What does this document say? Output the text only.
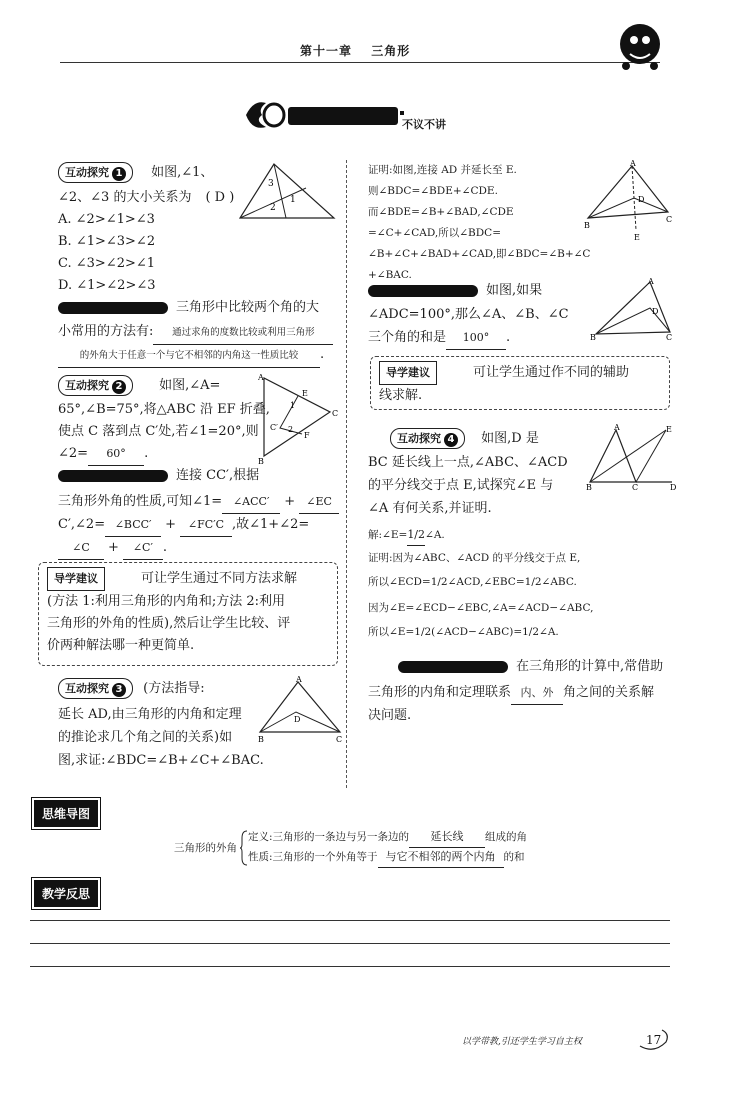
第十一章 三角形
不议不讲
互动探究 1 如图,∠1、
∠2、∠3 的大小关系为 ( D )
A. ∠2>∠1>∠3
B. ∠1>∠3>∠2
C. ∠3>∠2>∠1
D. ∠1>∠2>∠3
3
2
1
三角形中比较两个角的大
小常用的方法有: 通过求角的度数比较或利用三角形
的外角大于任意一个与它不相邻的内角这一性质比较 .
互动探究 2	如图,∠A=
65°,∠B=75°,将△ABC 沿 EF 折叠,
使点 C 落到点 C′处,若∠1=20°,则
∠2= 60° .
A
E
F
C
C′
1
2
B
连接 CC′,根据
三角形外角的性质,可知∠1= ∠ACC′ + ∠EC
C′,∠2= ∠BCC′ + ∠FC′C ,故∠1+∠2=
∠C + ∠C′ .
导学建议	可让学生通过不同方法求解
(方法 1:利用三角形的内角和;方法 2:利用
三角形的外角的性质),然后让学生比较、评
价两种解法哪一种更简单.
互动探究 3 (方法指导:
延长 AD,由三角形的内角和定理
的推论求几个角之间的关系)如
图,求证:∠BDC=∠B+∠C+∠BAC.
A
D
B	C
证明:如图,连接 AD 并延长至 E.
则∠BDC=∠BDE+∠CDE.
而∠BDE=∠B+∠BAD,∠CDE
=∠C+∠CAD,所以∠BDC=
∠B+∠C+∠BAD+∠CAD,即∠BDC=∠B+∠C
+∠BAC.
A
D
E
B
C
如图,如果
∠ADC=100°,那么∠A、∠B、∠C
三个角的和是 100° .
A
D
B	C
导学建议	可让学生通过作不同的辅助
线求解.
互动探究 4 如图,D 是
BC 延长线上一点,∠ABC、∠ACD
的平分线交于点 E,试探究∠E 与
∠A 有何关系,并证明.
A	E
B	C	D
解:∠E=1/2∠A.
证明:因为∠ABC、∠ACD 的平分线交于点 E,
所以∠ECD=1/2∠ACD,∠EBC=1/2∠ABC.
因为∠E=∠ECD−∠EBC,∠A=∠ACD−∠ABC,
所以∠E=1/2(∠ACD−∠ABC)=1/2∠A.
在三角形的计算中,常借助
三角形的内角和定理联系 内、外 角之间的关系解
决问题.
思维导图
三角形的外角
定义:三角形的一条边与另一条边的 延长线 组成的角
性质:三角形的一个外角等于 与它不相邻的两个内角 的和
教学反思
以学带教,引还学生学习自主权	17
